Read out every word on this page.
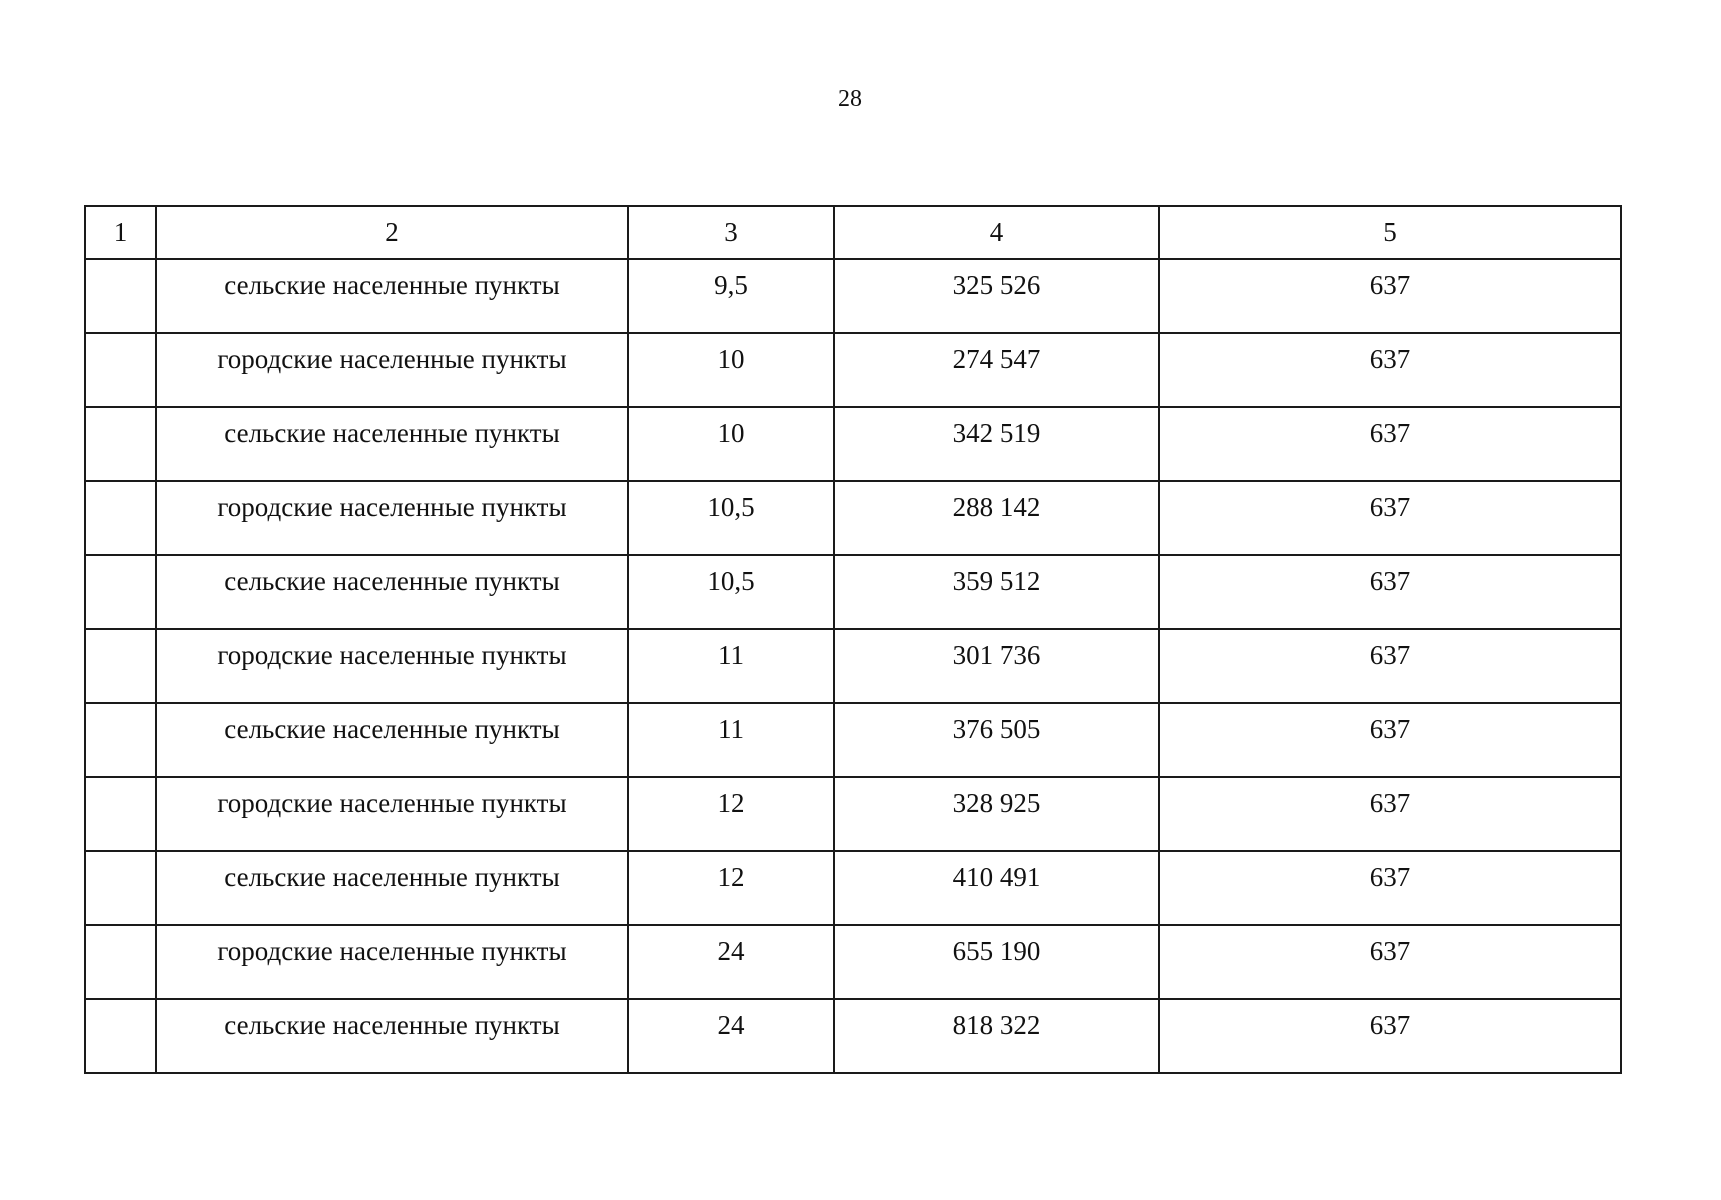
28
1	2	3	4	5
	сельские населенные пункты	9,5	325 526	637
	городские населенные пункты	10	274 547	637
	сельские населенные пункты	10	342 519	637
	городские населенные пункты	10,5	288 142	637
	сельские населенные пункты	10,5	359 512	637
	городские населенные пункты	11	301 736	637
	сельские населенные пункты	11	376 505	637
	городские населенные пункты	12	328 925	637
	сельские населенные пункты	12	410 491	637
	городские населенные пункты	24	655 190	637
	сельские населенные пункты	24	818 322	637
